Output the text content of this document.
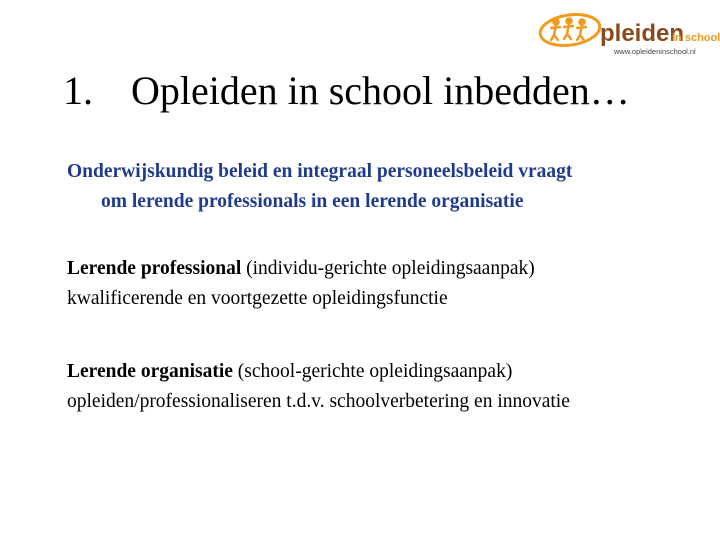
pleiden
in school
www.opleideninschool.nl
1. Opleiden in school inbedden…
Onderwijskundig beleid en integraal personeelsbeleid vraagt
om lerende professionals in een lerende organisatie
Lerende professional (individu-gerichte opleidingsaanpak)
kwalificerende en voortgezette opleidingsfunctie
Lerende organisatie (school-gerichte opleidingsaanpak)
opleiden/professionaliseren t.d.v. schoolverbetering en innovatie
